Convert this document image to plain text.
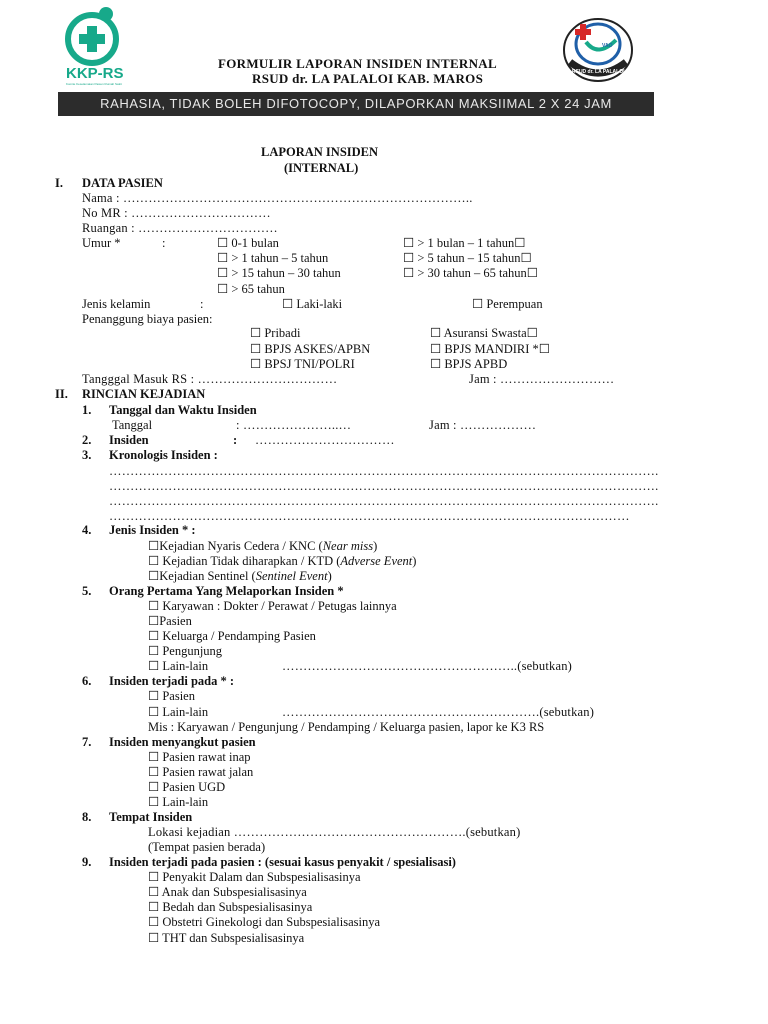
KKP-RS
Komite Keselamatan Pasien Rumah Sakit
FORMULIR LAPORAN INSIDEN INTERNAL
RSUD dr. LA PALALOI KAB. MAROS
VAO
RSUD dr. LA PALALOI
RAHASIA, TIDAK BOLEH DIFOTOCOPY, DILAPORKAN MAKSIIMAL 2 X 24 JAM
LAPORAN INSIDEN
(INTERNAL)
I. DATA PASIEN
Nama : ………………………………………………………………………..
No MR : ……………………………
Ruangan : ……………………………
Umur *	:	☐ 0-1 bulan	☐ > 1 bulan – 1 tahun☐
☐ > 1 tahun – 5 tahun	☐ > 5 tahun – 15 tahun☐
☐ > 15 tahun – 30 tahun	☐ > 30 tahun – 65 tahun☐
☐ > 65 tahun
Jenis kelamin	:	☐ Laki-laki	☐ Perempuan
Penanggung biaya pasien:
☐ Pribadi	☐ Asuransi Swasta☐
☐ BPJS ASKES/APBN	☐ BPJS MANDIRI *☐
☐ BPSJ TNI/POLRI	☐ BPJS APBD
Tangggal Masuk RS : ……………………………	Jam : ………………………
II. RINCIAN KEJADIAN
1. Tanggal dan Waktu Insiden
Tanggal	: …………………..…	Jam : ………………
2. Insiden	: ……………………………
3. Kronologis Insiden :
………………………………………………………………………………………………………………….
………………………………………………………………………………………………………………….
………………………………………………………………………………………………………………….
……………………………………………………………………………………………………………
4. Jenis Insiden * :
☐Kejadian Nyaris Cedera / KNC (Near miss)
☐ Kejadian Tidak diharapkan / KTD (Adverse Event)
☐Kejadian Sentinel (Sentinel Event)
5. Orang Pertama Yang Melaporkan Insiden *
☐ Karyawan : Dokter / Perawat / Petugas lainnya
☐Pasien
☐ Keluarga / Pendamping Pasien
☐ Pengunjung
☐ Lain-lain	………………………………………………..(sebutkan)
6. Insiden terjadi pada * :
☐ Pasien
☐ Lain-lain	…………………………………………………….(sebutkan)
Mis : Karyawan / Pengunjung / Pendamping / Keluarga pasien, lapor ke K3 RS
7. Insiden menyangkut pasien
☐ Pasien rawat inap
☐ Pasien rawat jalan
☐ Pasien UGD
☐ Lain-lain
8. Tempat Insiden
Lokasi kejadian ……………………………………………….(sebutkan)
(Tempat pasien berada)
9. Insiden terjadi pada pasien : (sesuai kasus penyakit / spesialisasi)
☐ Penyakit Dalam dan Subspesialisasinya
☐ Anak dan Subspesialisasinya
☐ Bedah dan Subspesialisasinya
☐ Obstetri Ginekologi dan Subspesialisasinya
☐ THT dan Subspesialisasinya
